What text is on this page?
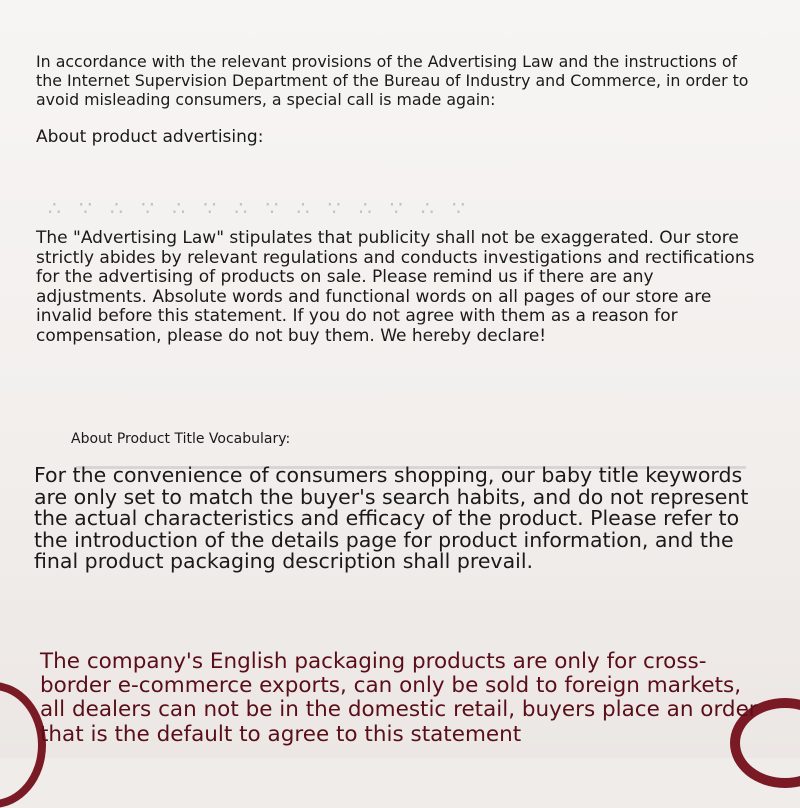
In accordance with the relevant provisions of the Advertising Law and the instructions of the Internet Supervision Department of the Bureau of Industry and Commerce, in order to avoid misleading consumers, a special call is made again:

About product advertising:

∴ ∵ ∴ ∵ ∴ ∵ ∴ ∵ ∴ ∵ ∴ ∵ ∴ ∵

The "Advertising Law" stipulates that publicity shall not be exaggerated. Our store strictly abides by relevant regulations and conducts investigations and rectifications for the advertising of products on sale. Please remind us if there are any adjustments. Absolute words and functional words on all pages of our store are invalid before this statement. If you do not agree with them as a reason for compensation, please do not buy them. We hereby declare!

About Product Title Vocabulary:

For the convenience of consumers shopping, our baby title keywords are only set to match the buyer's search habits, and do not represent the actual characteristics and efficacy of the product. Please refer to the introduction of the details page for product information, and the final product packaging description shall prevail.

The company's English packaging products are only for cross-border e-commerce exports, can only be sold to foreign markets, all dealers can not be in the domestic retail, buyers place an order that is the default to agree to this statement
